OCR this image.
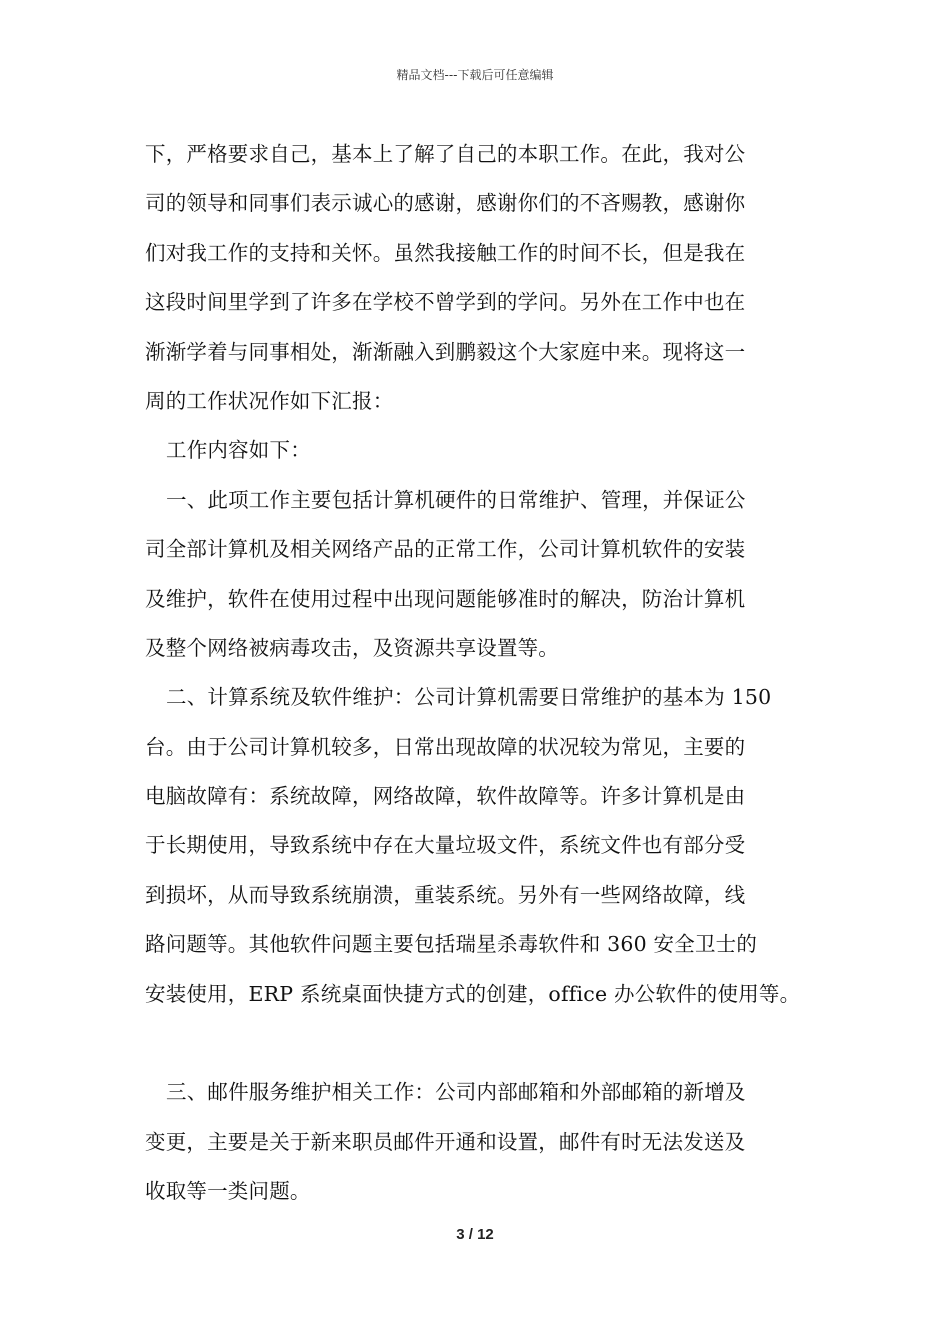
精品文档---下载后可任意编辑
下，严格要求自己，基本上了解了自己的本职工作。在此，我对公
司的领导和同事们表示诚心的感谢，感谢你们的不吝赐教，感谢你
们对我工作的支持和关怀。虽然我接触工作的时间不长，但是我在
这段时间里学到了许多在学校不曾学到的学问。另外在工作中也在
渐渐学着与同事相处，渐渐融入到鹏毅这个大家庭中来。现将这一
周的工作状况作如下汇报：
工作内容如下：
一、此项工作主要包括计算机硬件的日常维护、管理，并保证公
司全部计算机及相关网络产品的正常工作，公司计算机软件的安装
及维护，软件在使用过程中出现问题能够准时的解决，防治计算机
及整个网络被病毒攻击，及资源共享设置等。
二、计算系统及软件维护：公司计算机需要日常维护的基本为 150
台。由于公司计算机较多，日常出现故障的状况较为常见，主要的
电脑故障有：系统故障，网络故障，软件故障等。许多计算机是由
于长期使用，导致系统中存在大量垃圾文件，系统文件也有部分受
到损坏，从而导致系统崩溃，重装系统。另外有一些网络故障，线
路问题等。其他软件问题主要包括瑞星杀毒软件和 360 安全卫士的
安装使用，ERP 系统桌面快捷方式的创建，office 办公软件的使用等。
三、邮件服务维护相关工作：公司内部邮箱和外部邮箱的新增及
变更，主要是关于新来职员邮件开通和设置，邮件有时无法发送及
收取等一类问题。
3 / 12
